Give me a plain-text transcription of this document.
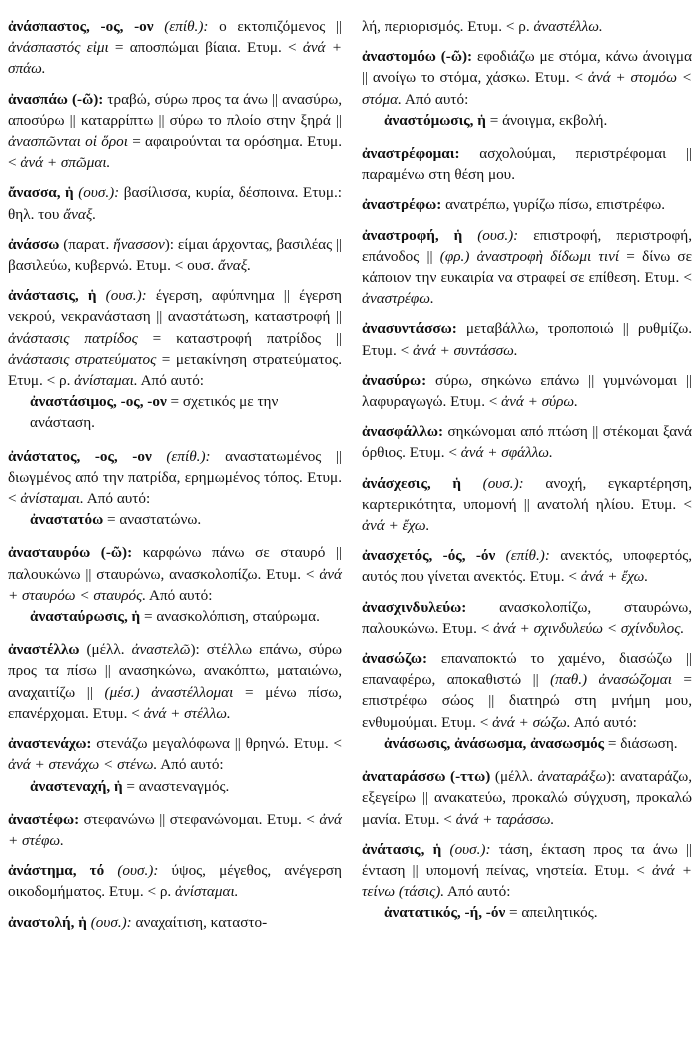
ἀνάσπαστος, -ος, -ον (επίθ.): ο εκτοπιζόμενος || ἀνάσπαστός εἰμι = αποσπώμαι βίαια. Ετυμ. < ἀνά + σπάω.

ἀνασπάω (-ῶ): τραβώ, σύρω προς τα άνω || ανασύρω, αποσύρω || καταρρίπτω || σύρω το πλοίο στην ξηρά || ἀνασπῶνται οἱ ὅροι = αφαιρούνται τα ορόσημα. Ετυμ. < ἀνά + σπῶμαι.

ἄνασσα, ἡ (ουσ.): βασίλισσα, κυρία, δέσποινα. Ετυμ.: θηλ. του ἄναξ.

ἀνάσσω (παρατ. ἤνασσον): είμαι άρχοντας, βασιλέας || βασιλεύω, κυβερνώ. Ετυμ. < ουσ. ἄναξ.

ἀνάστασις, ἡ (ουσ.): έγερση, αφύπνημα || έγερση νεκρού, νεκρανάσταση || αναστάτωση, καταστροφή || ἀνάστασις πατρίδος = καταστροφή πατρίδος || ἀνάστασις στρατεύματος = μετακίνηση στρατεύματος. Ετυμ. < ρ. ἀνίσταμαι. Από αυτό:

ἀναστάσιμος, -ος, -ον = σχετικός με την ανάσταση.

ἀνάστατος, -ος, -ον (επίθ.): αναστατωμένος || διωγμένος από την πατρίδα, ερημωμένος τόπος. Ετυμ. < ἀνίσταμαι. Από αυτό:

ἀναστατόω = αναστατώνω.

ἀνασταυρόω (-ῶ): καρφώνω πάνω σε σταυρό || παλουκώνω || σταυρώνω, ανασκολοπίζω. Ετυμ. < ἀνά + σταυρόω < σταυρός. Από αυτό:

ἀνασταύρωσις, ἡ = ανασκολόπιση, σταύρωμα.

ἀναστέλλω (μέλλ. ἀναστελῶ): στέλλω επάνω, σύρω προς τα πίσω || ανασηκώνω, ανακόπτω, ματαιώνω, αναχαιτίζω || (μέσ.) ἀναστέλλομαι = μένω πίσω, επανέρχομαι. Ετυμ. < ἀνά + στέλλω.

ἀναστενάχω: στενάζω μεγαλόφωνα || θρηνώ. Ετυμ. < ἀνά + στενάχω < στένω. Από αυτό:

ἀναστεναχή, ἡ = αναστεναγμός.

ἀναστέφω: στεφανώνω || στεφανώνομαι. Ετυμ. < ἀνά + στέφω.

ἀνάστημα, τό (ουσ.): ύψος, μέγεθος, ανέγερση οικοδομήματος. Ετυμ. < ρ. ἀνίσταμαι.

ἀναστολή, ἡ (ουσ.): αναχαίτιση, καταστο-

λή, περιορισμός. Ετυμ. < ρ. ἀναστέλλω.

ἀναστομόω (-ῶ): εφοδιάζω με στόμα, κάνω άνοιγμα || ανοίγω το στόμα, χάσκω. Ετυμ. < ἀνά + στομόω < στόμα. Από αυτό:

ἀναστόμωσις, ἡ = άνοιγμα, εκβολή.

ἀναστρέφομαι: ασχολούμαι, περιστρέφομαι || παραμένω στη θέση μου.

ἀναστρέφω: ανατρέπω, γυρίζω πίσω, επιστρέφω.

ἀναστροφή, ἡ (ουσ.): επιστροφή, περιστροφή, επάνοδος || (φρ.) ἀναστροφὴ δίδωμι τινί = δίνω σε κάποιον την ευκαιρία να στραφεί σε επίθεση. Ετυμ. < ἀναστρέφω.

ἀνασυντάσσω: μεταβάλλω, τροποποιώ || ρυθμίζω. Ετυμ. < ἀνά + συντάσσω.

ἀνασύρω: σύρω, σηκώνω επάνω || γυμνώνομαι || λαφυραγωγώ. Ετυμ. < ἀνά + σύρω.

ἀνασφάλλω: σηκώνομαι από πτώση || στέκομαι ξανά όρθιος. Ετυμ. < ἀνά + σφάλλω.

ἀνάσχεσις, ἡ (ουσ.): ανοχή, εγκαρτέρηση, καρτερικότητα, υπομονή || ανατολή ηλίου. Ετυμ. < ἀνά + ἔχω.

ἀνασχετός, -ός, -όν (επίθ.): ανεκτός, υποφερτός, αυτός που γίνεται ανεκτός. Ετυμ. < ἀνά + ἔχω.

ἀνασχινδυλεύω: ανασκολοπίζω, σταυρώνω, παλουκώνω. Ετυμ. < ἀνά + σχινδυλεύω < σχίνδυλος.

ἀνασώζω: επαναποκτώ το χαμένο, διασώζω || επαναφέρω, αποκαθιστώ || (παθ.) ἀνασώζομαι = επιστρέφω σώος || διατηρώ στη μνήμη μου, ενθυμούμαι. Ετυμ. < ἀνά + σώζω. Από αυτό:

ἀνάσωσις, ἀνάσωσμα, ἀνασωσμός = διάσωση.

ἀναταράσσω (-ττω) (μέλλ. ἀναταράξω): αναταράζω, εξεγείρω || ανακατεύω, προκαλώ σύγχυση, προκαλώ μανία. Ετυμ. < ἀνά + ταράσσω.

ἀνάτασις, ἡ (ουσ.): τάση, έκταση προς τα άνω || ένταση || υπομονή πείνας, νηστεία. Ετυμ. < ἀνά + τείνω (τάσις). Από αυτό:

ἀνατατικός, -ή, -όν = απειλητικός.
